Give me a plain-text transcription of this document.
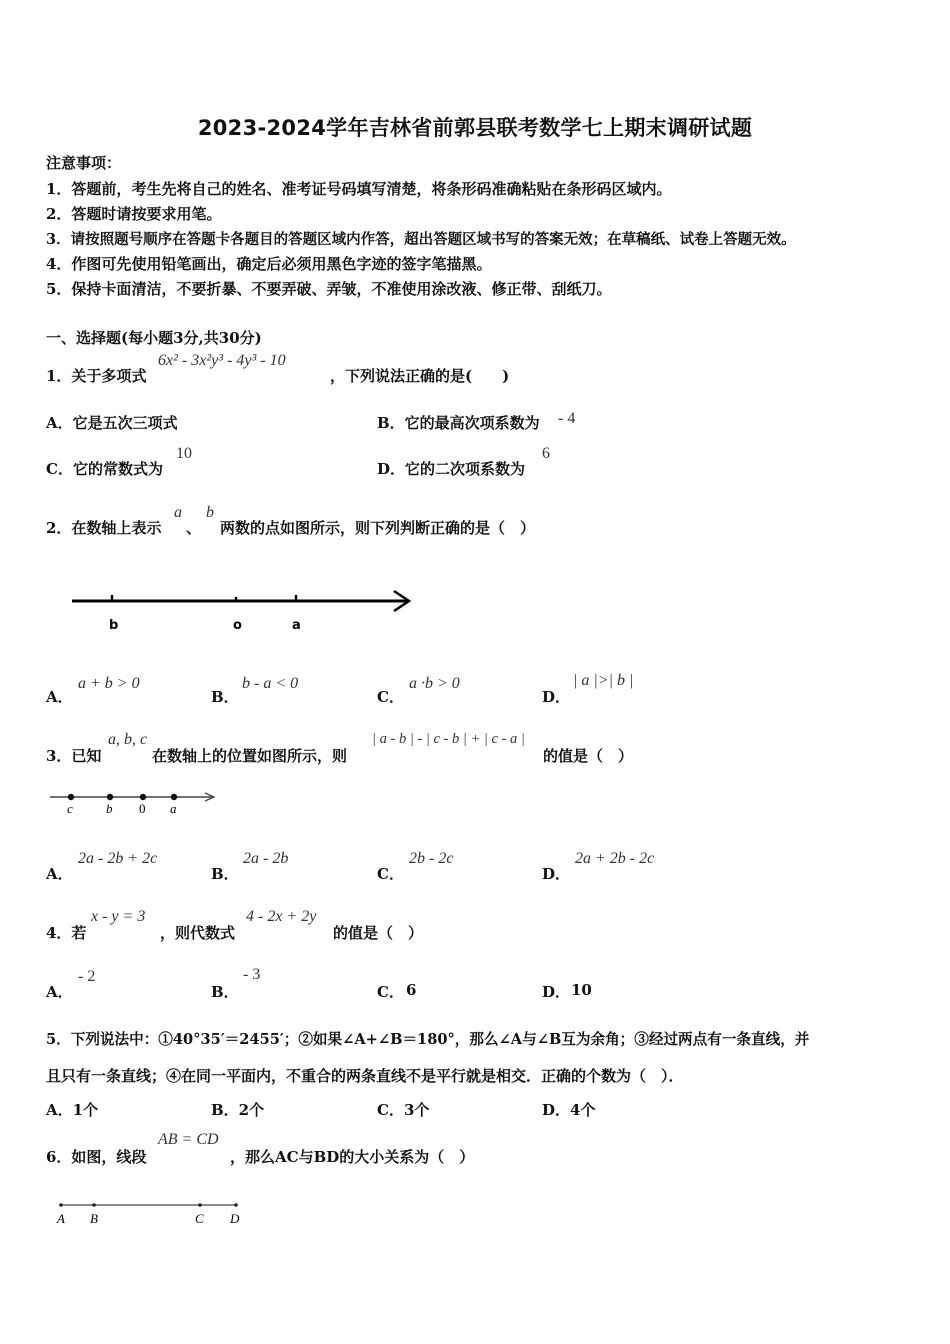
2023-2024学年吉林省前郭县联考数学七上期末调研试题
注意事项：
1．答题前，考生先将自己的姓名、准考证号码填写清楚，将条形码准确粘贴在条形码区域内。
2．答题时请按要求用笔。
3．请按照题号顺序在答题卡各题目的答题区域内作答，超出答题区域书写的答案无效；在草稿纸、试卷上答题无效。
4．作图可先使用铅笔画出，确定后必须用黑色字迹的签字笔描黑。
5．保持卡面清洁，不要折暴、不要弄破、弄皱，不准使用涂改液、修正带、刮纸刀。
一、选择题(每小题3分,共30分)
1．关于多项式
6x² - 3x²y³ - 4y³ - 10
，下列说法正确的是(　　)
A．它是五次三项式	B．它的最高次项系数为 - 4
C．它的常数式为
10
D．它的二次项系数为
6
2．在数轴上表示
a
、
b
两数的点如图所示，则下列判断正确的是（　）
b	o	a
A．
a + b > 0
B．
b - a < 0
C．
a ·b > 0
D．
| a |>| b |
3．已知
a, b, c
在数轴上的位置如图所示，则
| a - b | - | c - b | + | c - a |
的值是（　）
c	b 0 a
A．
2a - 2b + 2c
B．
2a - 2b
C．
2b - 2c
D．
2a + 2b - 2c
4．若
x - y = 3
，则代数式
4 - 2x + 2y
的值是（　）
A．
- 2
B．
- 3
C． 6	D． 10
5．下列说法中：①40°35′＝2455′；②如果∠A+∠B＝180°，那么∠A与∠B互为余角；③经过两点有一条直线，并
且只有一条直线；④在同一平面内，不重合的两条直线不是平行就是相交．正确的个数为（　）．
A．1个	B．2个	C．3个	D．4个
6．如图，线段
AB = CD
，那么AC与BD的大小关系为（　）
A B	C D
